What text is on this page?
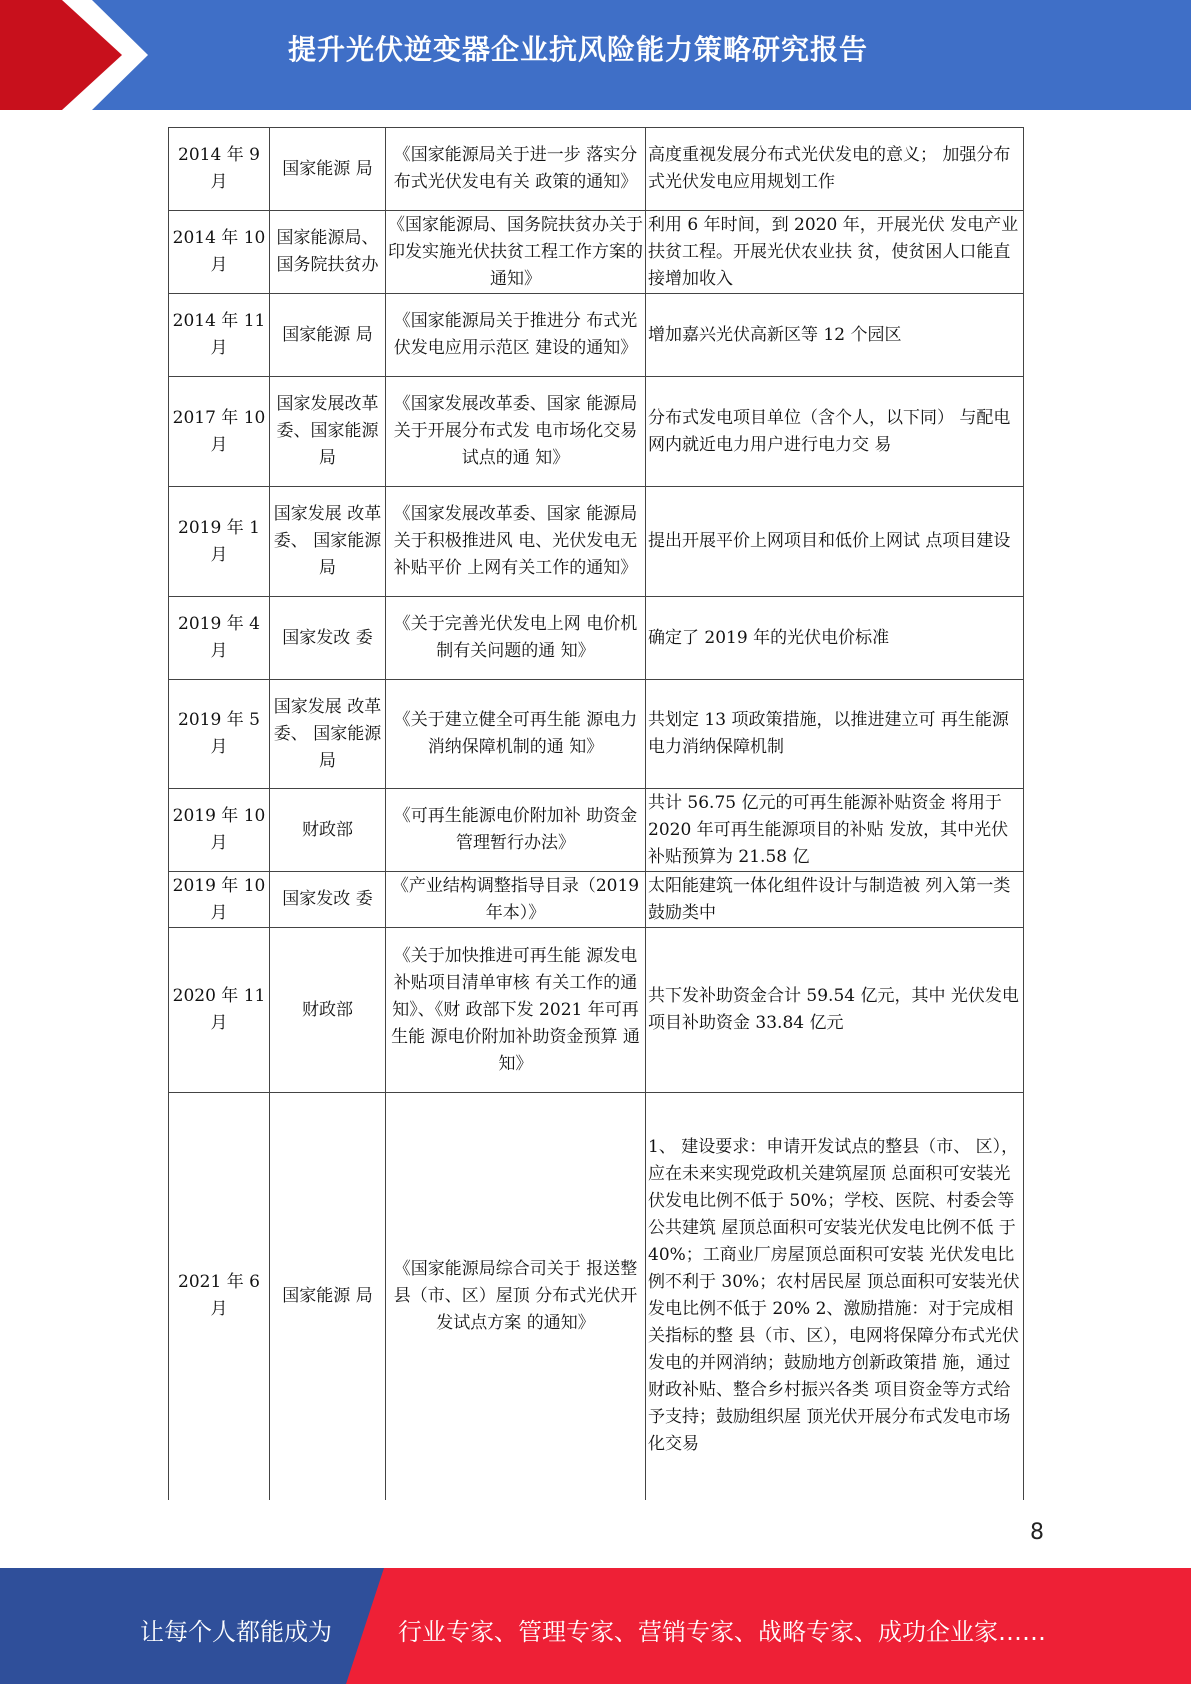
提升光伏逆变器企业抗风险能力策略研究报告
2014 年 9 月	国家能源 局	《国家能源局关于进一步 落实分布式光伏发电有关 政策的通知》	高度重视发展分布式光伏发电的意义； 加强分布式光伏发电应用规划工作
2014 年 10 月	国家能源局、国务院扶贫办	《国家能源局、国务院扶贫办关于印发实施光伏扶贫工程工作方案的通知》	利用 6 年时间，到 2020 年，开展光伏 发电产业扶贫工程。开展光伏农业扶 贫，使贫困人口能直接增加收入
2014 年 11 月	国家能源 局	《国家能源局关于推进分 布式光伏发电应用示范区 建设的通知》	增加嘉兴光伏高新区等 12 个园区
2017 年 10 月	国家发展改革委、国家能源局	《国家发展改革委、国家 能源局关于开展分布式发 电市场化交易试点的通 知》	分布式发电项目单位（含个人，以下同） 与配电网内就近电力用户进行电力交 易
2019 年 1 月	国家发展 改革委、 国家能源 局	《国家发展改革委、国家 能源局关于积极推进风 电、光伏发电无补贴平价 上网有关工作的通知》	提出开展平价上网项目和低价上网试 点项目建设
2019 年 4 月	国家发改 委	《关于完善光伏发电上网 电价机制有关问题的通 知》	确定了 2019 年的光伏电价标准
2019 年 5 月	国家发展 改革委、 国家能源 局	《关于建立健全可再生能 源电力消纳保障机制的通 知》	共划定 13 项政策措施，以推进建立可 再生能源电力消纳保障机制
2019 年 10 月	财政部	《可再生能源电价附加补 助资金管理暂行办法》	共计 56.75 亿元的可再生能源补贴资金 将用于 2020 年可再生能源项目的补贴 发放，其中光伏补贴预算为 21.58 亿
2019 年 10 月	国家发改 委	《产业结构调整指导目录（2019 年本）》	太阳能建筑一体化组件设计与制造被 列入第一类鼓励类中
2020 年 11 月	财政部	《关于加快推进可再生能 源发电补贴项目清单审核 有关工作的通知》、《财 政部下发 2021 年可再生能 源电价附加补助资金预算 通知》	共下发补助资金合计 59.54 亿元，其中 光伏发电项目补助资金 33.84 亿元
2021 年 6 月	国家能源 局	《国家能源局综合司关于 报送整县（市、区）屋顶 分布式光伏开发试点方案 的通知》	1、 建设要求：申请开发试点的整县（市、 区），应在未来实现党政机关建筑屋顶 总面积可安装光伏发电比例不低于 50%；学校、医院、村委会等公共建筑 屋顶总面积可安装光伏发电比例不低 于 40%；工商业厂房屋顶总面积可安装 光伏发电比例不利于 30%；农村居民屋 顶总面积可安装光伏发电比例不低于 20% 2、激励措施：对于完成相关指标的整 县（市、区），电网将保障分布式光伏 发电的并网消纳；鼓励地方创新政策措 施，通过财政补贴、整合乡村振兴各类 项目资金等方式给予支持；鼓励组织屋 顶光伏开展分布式发电市场化交易
8
让每个人都能成为	行业专家、管理专家、营销专家、战略专家、成功企业家……
